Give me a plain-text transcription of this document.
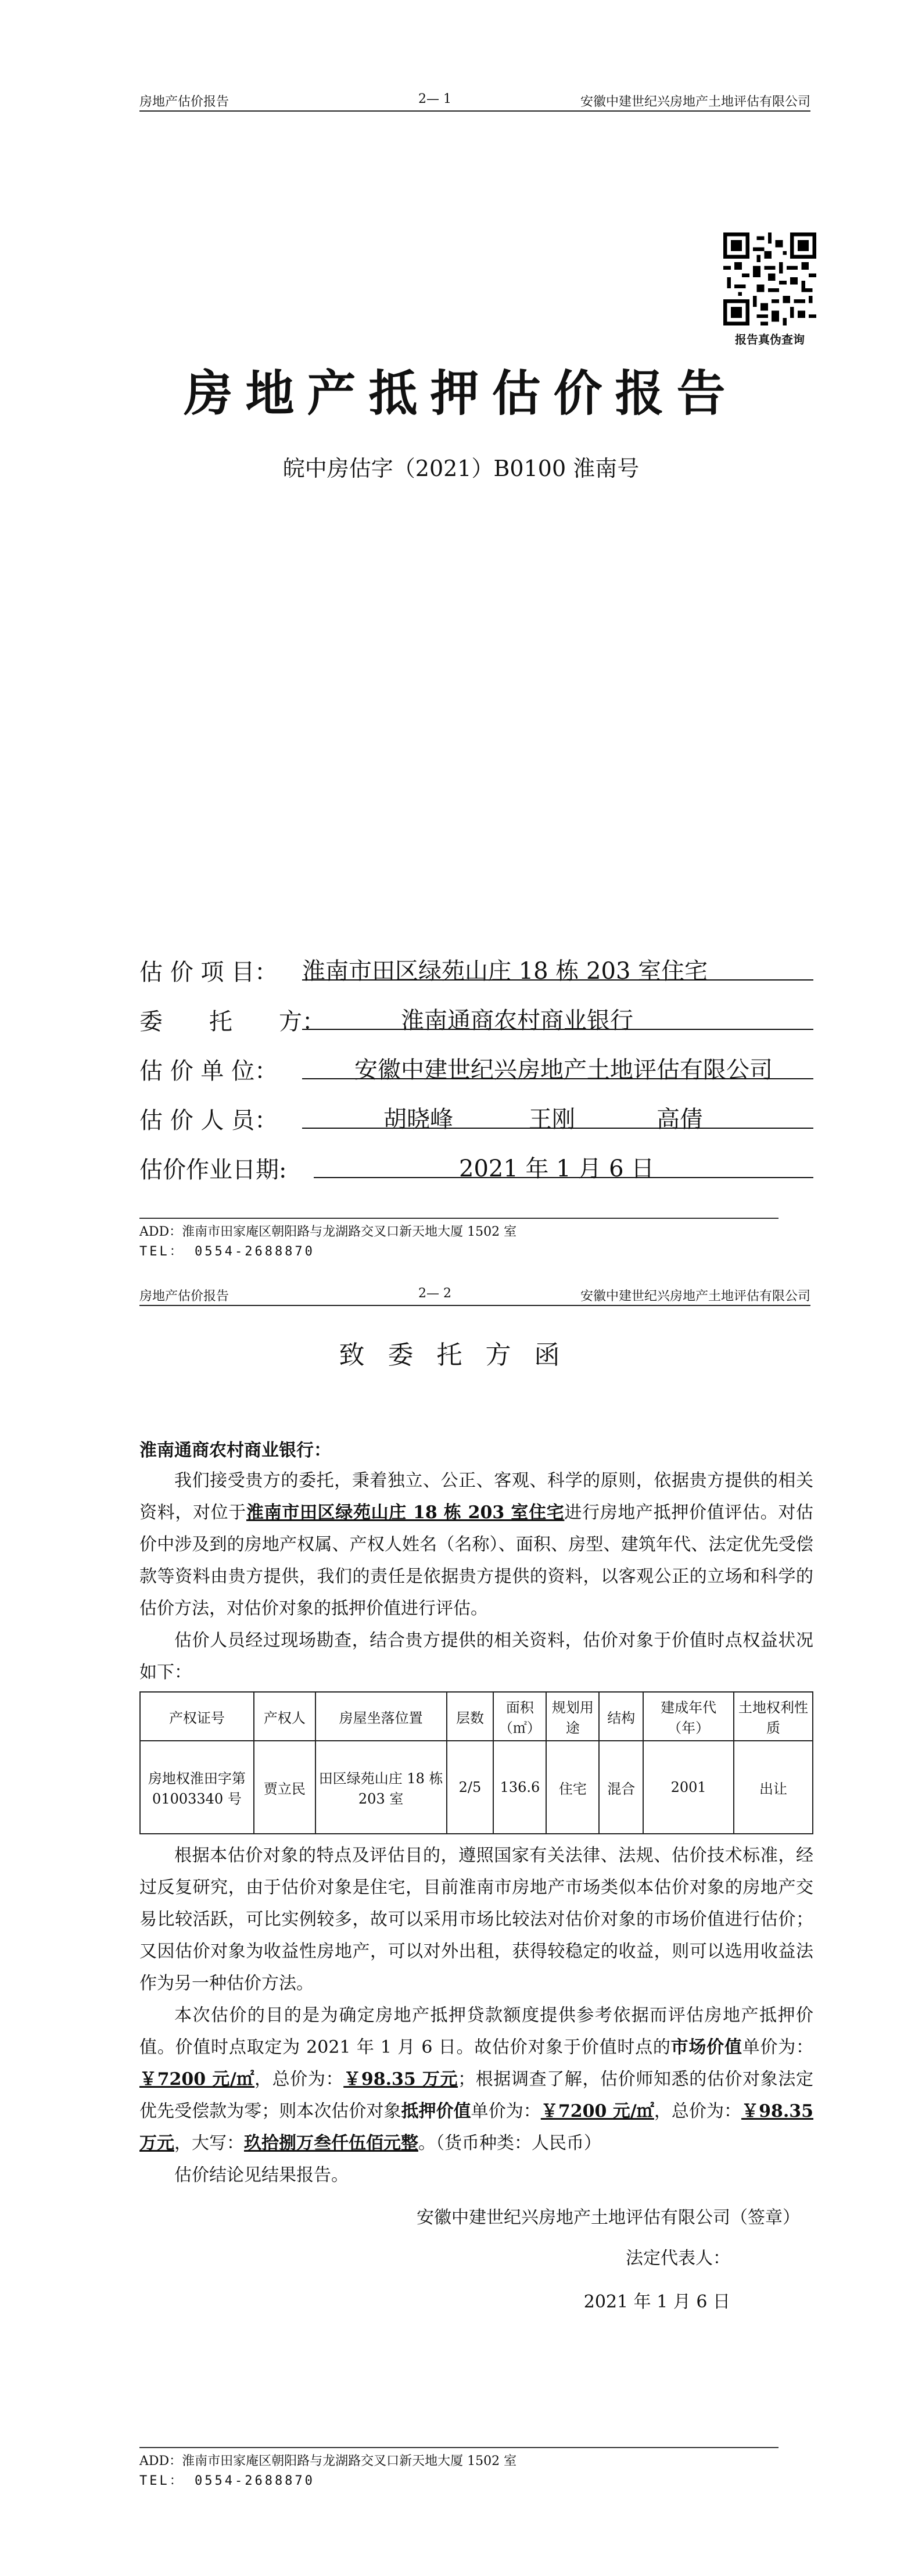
房地产估价报告	2— 1	安徽中建世纪兴房地产土地评估有限公司
报告真伪查询
房地产抵押估价报告
皖中房估字（2021）B0100 淮南号
估 价 项 目： 淮南市田区绿苑山庄 18 栋 203 室住宅
委　　托　　方：	淮南通商农村商业银行
估 价 单 位：	安徽中建世纪兴房地产土地评估有限公司
估 价 人 员：	胡晓峰	王刚	高倩
估价作业日期:	2021 年 1 月 6 日
ADD：淮南市田家庵区朝阳路与龙湖路交叉口新天地大厦 1502 室
TEL： 0554-2688870
房地产估价报告	2— 2	安徽中建世纪兴房地产土地评估有限公司
致委托方函
淮南通商农村商业银行：
我们接受贵方的委托，秉着独立、公正、客观、科学的原则，依据贵方提供的相关资料，对位于淮南市田区绿苑山庄 18 栋 203 室住宅进行房地产抵押价值评估。对估价中涉及到的房地产权属、产权人姓名（名称）、面积、房型、建筑年代、法定优先受偿款等资料由贵方提供，我们的责任是依据贵方提供的资料，以客观公正的立场和科学的估价方法，对估价对象的抵押价值进行评估。
估价人员经过现场勘查，结合贵方提供的相关资料，估价对象于价值时点权益状况如下：
产权证号	产权人	房屋坐落位置	层数	面积（㎡）	规划用途	结构	建成年代（年）	土地权利性质
房地权淮田字第 01003340 号	贾立民	田区绿苑山庄 18 栋 203 室	2/5	136.6	住宅	混合	2001	出让
根据本估价对象的特点及评估目的，遵照国家有关法律、法规、估价技术标准，经过反复研究，由于估价对象是住宅，目前淮南市房地产市场类似本估价对象的房地产交易比较活跃，可比实例较多，故可以采用市场比较法对估价对象的市场价值进行估价；又因估价对象为收益性房地产，可以对外出租，获得较稳定的收益，则可以选用收益法作为另一种估价方法。
本次估价的目的是为确定房地产抵押贷款额度提供参考依据而评估房地产抵押价值。价值时点取定为 2021 年 1 月 6 日。故估价对象于价值时点的市场价值单价为：￥7200 元/㎡，总价为：￥98.35 万元；根据调查了解，估价师知悉的估价对象法定优先受偿款为零；则本次估价对象抵押价值单价为：￥7200 元/㎡，总价为：￥98.35 万元，大写：玖拾捌万叁仟伍佰元整。（货币种类：人民币）
估价结论见结果报告。
安徽中建世纪兴房地产土地评估有限公司（签章）
法定代表人：
2021 年 1 月 6 日
ADD：淮南市田家庵区朝阳路与龙湖路交叉口新天地大厦 1502 室
TEL： 0554-2688870
